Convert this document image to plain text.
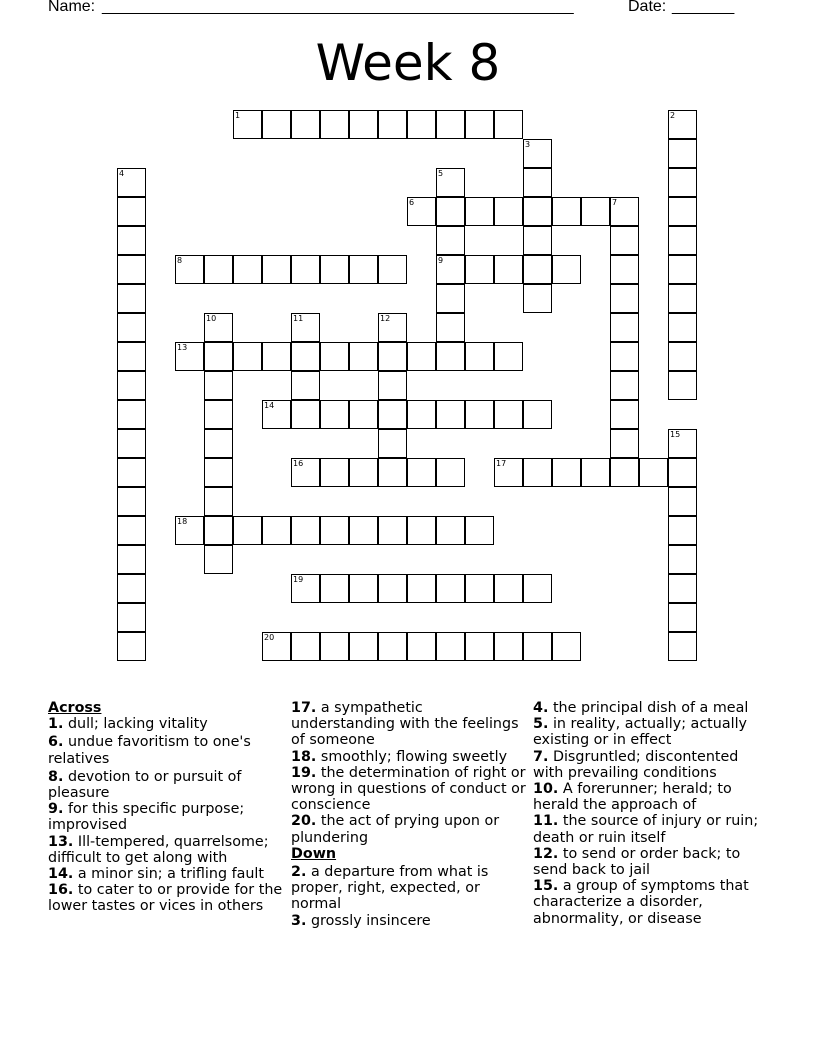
Name:

_____________________________________________________

	Date:

_______

Week 8
1	2
3
4	5
9
6	7
8
10	11	12
13
14
15
16	17
18
19
20

Across

1. dull; lacking vitality

6. undue favoritism to one's relatives

8. devotion to or pursuit of pleasure

9. for this specific purpose; improvised

13. Ill-tempered, quarrelsome; difficult to get along with

14. a minor sin; a trifling fault

16. to cater to or provide for the lower tastes or vices in others

17. a sympathetic understanding with the feelings of someone

18. smoothly; flowing sweetly

19. the determination of right or wrong in questions of conduct or conscience

20. the act of prying upon or plundering

Down

2. a departure from what is proper, right, expected, or normal

3. grossly insincere

4. the principal dish of a meal

5. in reality, actually; actually existing or in effect

7. Disgruntled; discontented with prevailing conditions

10. A forerunner; herald; to herald the approach of

11. the source of injury or ruin; death or ruin itself

12. to send or order back; to send back to jail

15. a group of symptoms that characterize a disorder, abnormality, or disease
